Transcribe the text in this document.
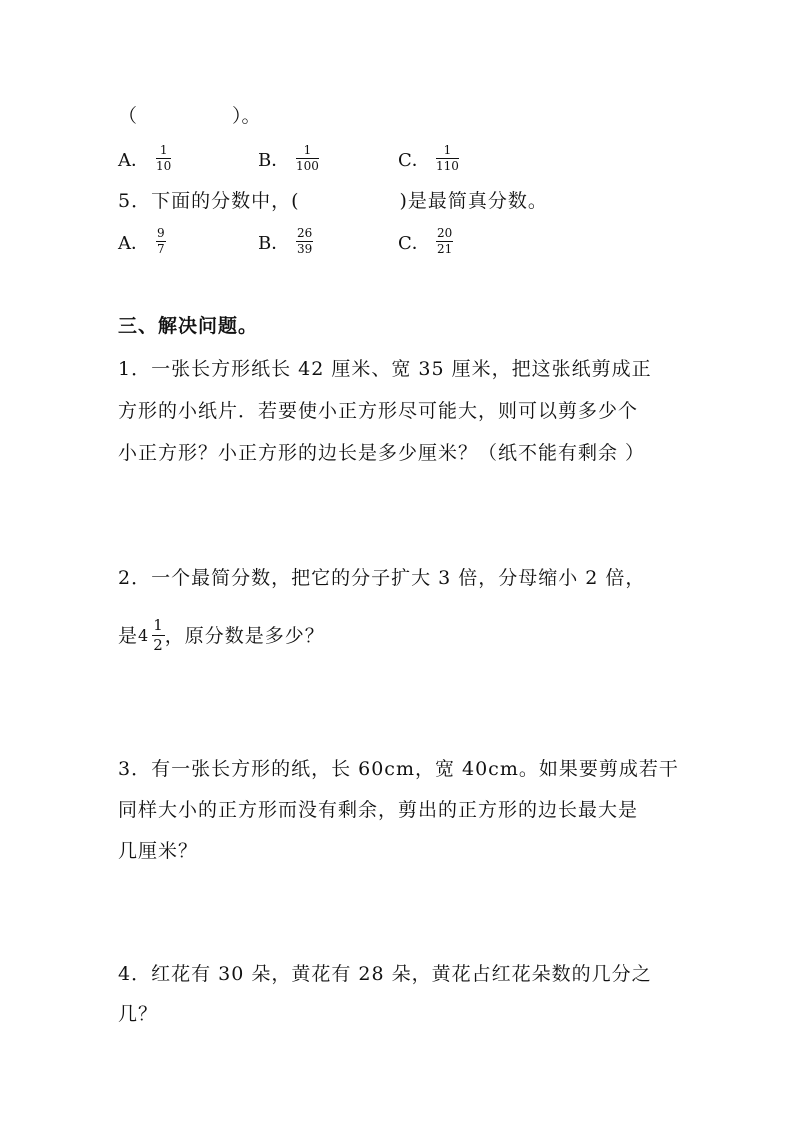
（　　　　　）。
A． $\frac{1}{10}$	B． $\frac{1}{100}$	C． $\frac{1}{110}$
5．下面的分数中，(　　　　　)是最简真分数。
A． $\frac{9}{7}$	B． $\frac{26}{39}$	C． $\frac{20}{21}$
三、解决问题。
1．一张长方形纸长 42 厘米、宽 35 厘米，把这张纸剪成正
方形的小纸片．若要使小正方形尽可能大，则可以剪多少个
小正方形？小正方形的边长是多少厘米？（纸不能有剩余 ）
2．一个最简分数，把它的分子扩大 3 倍，分母缩小 2 倍，
是 $4 \frac{1}{2}$ ，原分数是多少？
3．有一张长方形的纸，长 60cm，宽 40cm。如果要剪成若干
同样大小的正方形而没有剩余，剪出的正方形的边长最大是
几厘米？
4．红花有 30 朵，黄花有 28 朵，黄花占红花朵数的几分之
几？
